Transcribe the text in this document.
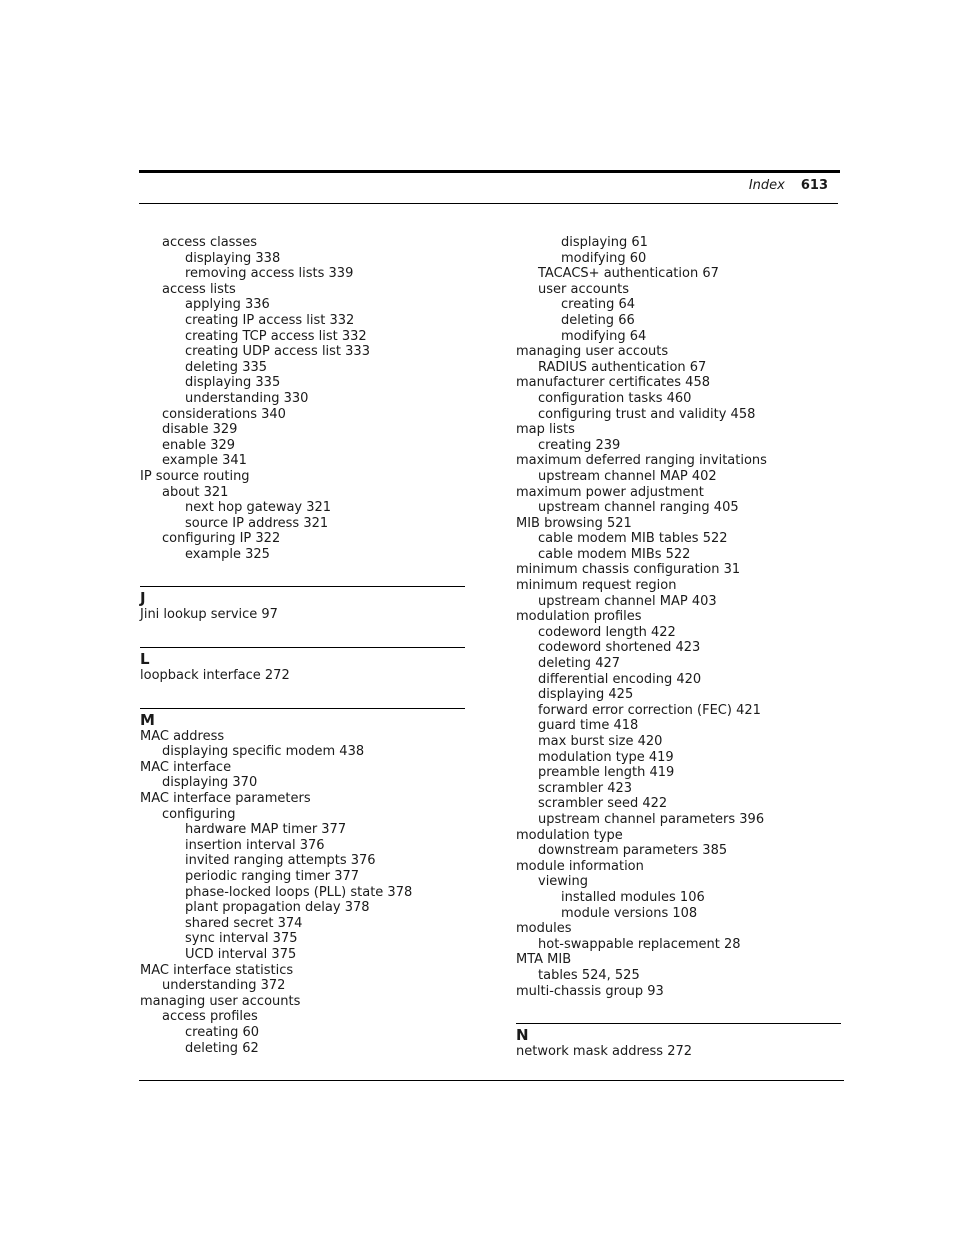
Index 613
access classes
displaying 338
removing access lists 339
access lists
applying 336
creating IP access list 332
creating TCP access list 332
creating UDP access list 333
deleting 335
displaying 335
understanding 330
considerations 340
disable 329
enable 329
example 341
IP source routing
about 321
next hop gateway 321
source IP address 321
configuring IP 322
example 325
J
Jini lookup service 97
L
loopback interface 272
M
MAC address
displaying specific modem 438
MAC interface
displaying 370
MAC interface parameters
configuring
hardware MAP timer 377
insertion interval 376
invited ranging attempts 376
periodic ranging timer 377
phase-locked loops (PLL) state 378
plant propagation delay 378
shared secret 374
sync interval 375
UCD interval 375
MAC interface statistics
understanding 372
managing user accounts
access profiles
creating 60
deleting 62
displaying 61
modifying 60
TACACS+ authentication 67
user accounts
creating 64
deleting 66
modifying 64
managing user accouts
RADIUS authentication 67
manufacturer certificates 458
configuration tasks 460
configuring trust and validity 458
map lists
creating 239
maximum deferred ranging invitations
upstream channel MAP 402
maximum power adjustment
upstream channel ranging 405
MIB browsing 521
cable modem MIB tables 522
cable modem MIBs 522
minimum chassis configuration 31
minimum request region
upstream channel MAP 403
modulation profiles
codeword length 422
codeword shortened 423
deleting 427
differential encoding 420
displaying 425
forward error correction (FEC) 421
guard time 418
max burst size 420
modulation type 419
preamble length 419
scrambler 423
scrambler seed 422
upstream channel parameters 396
modulation type
downstream parameters 385
module information
viewing
installed modules 106
module versions 108
modules
hot-swappable replacement 28
MTA MIB
tables 524, 525
multi-chassis group 93
N
network mask address 272
